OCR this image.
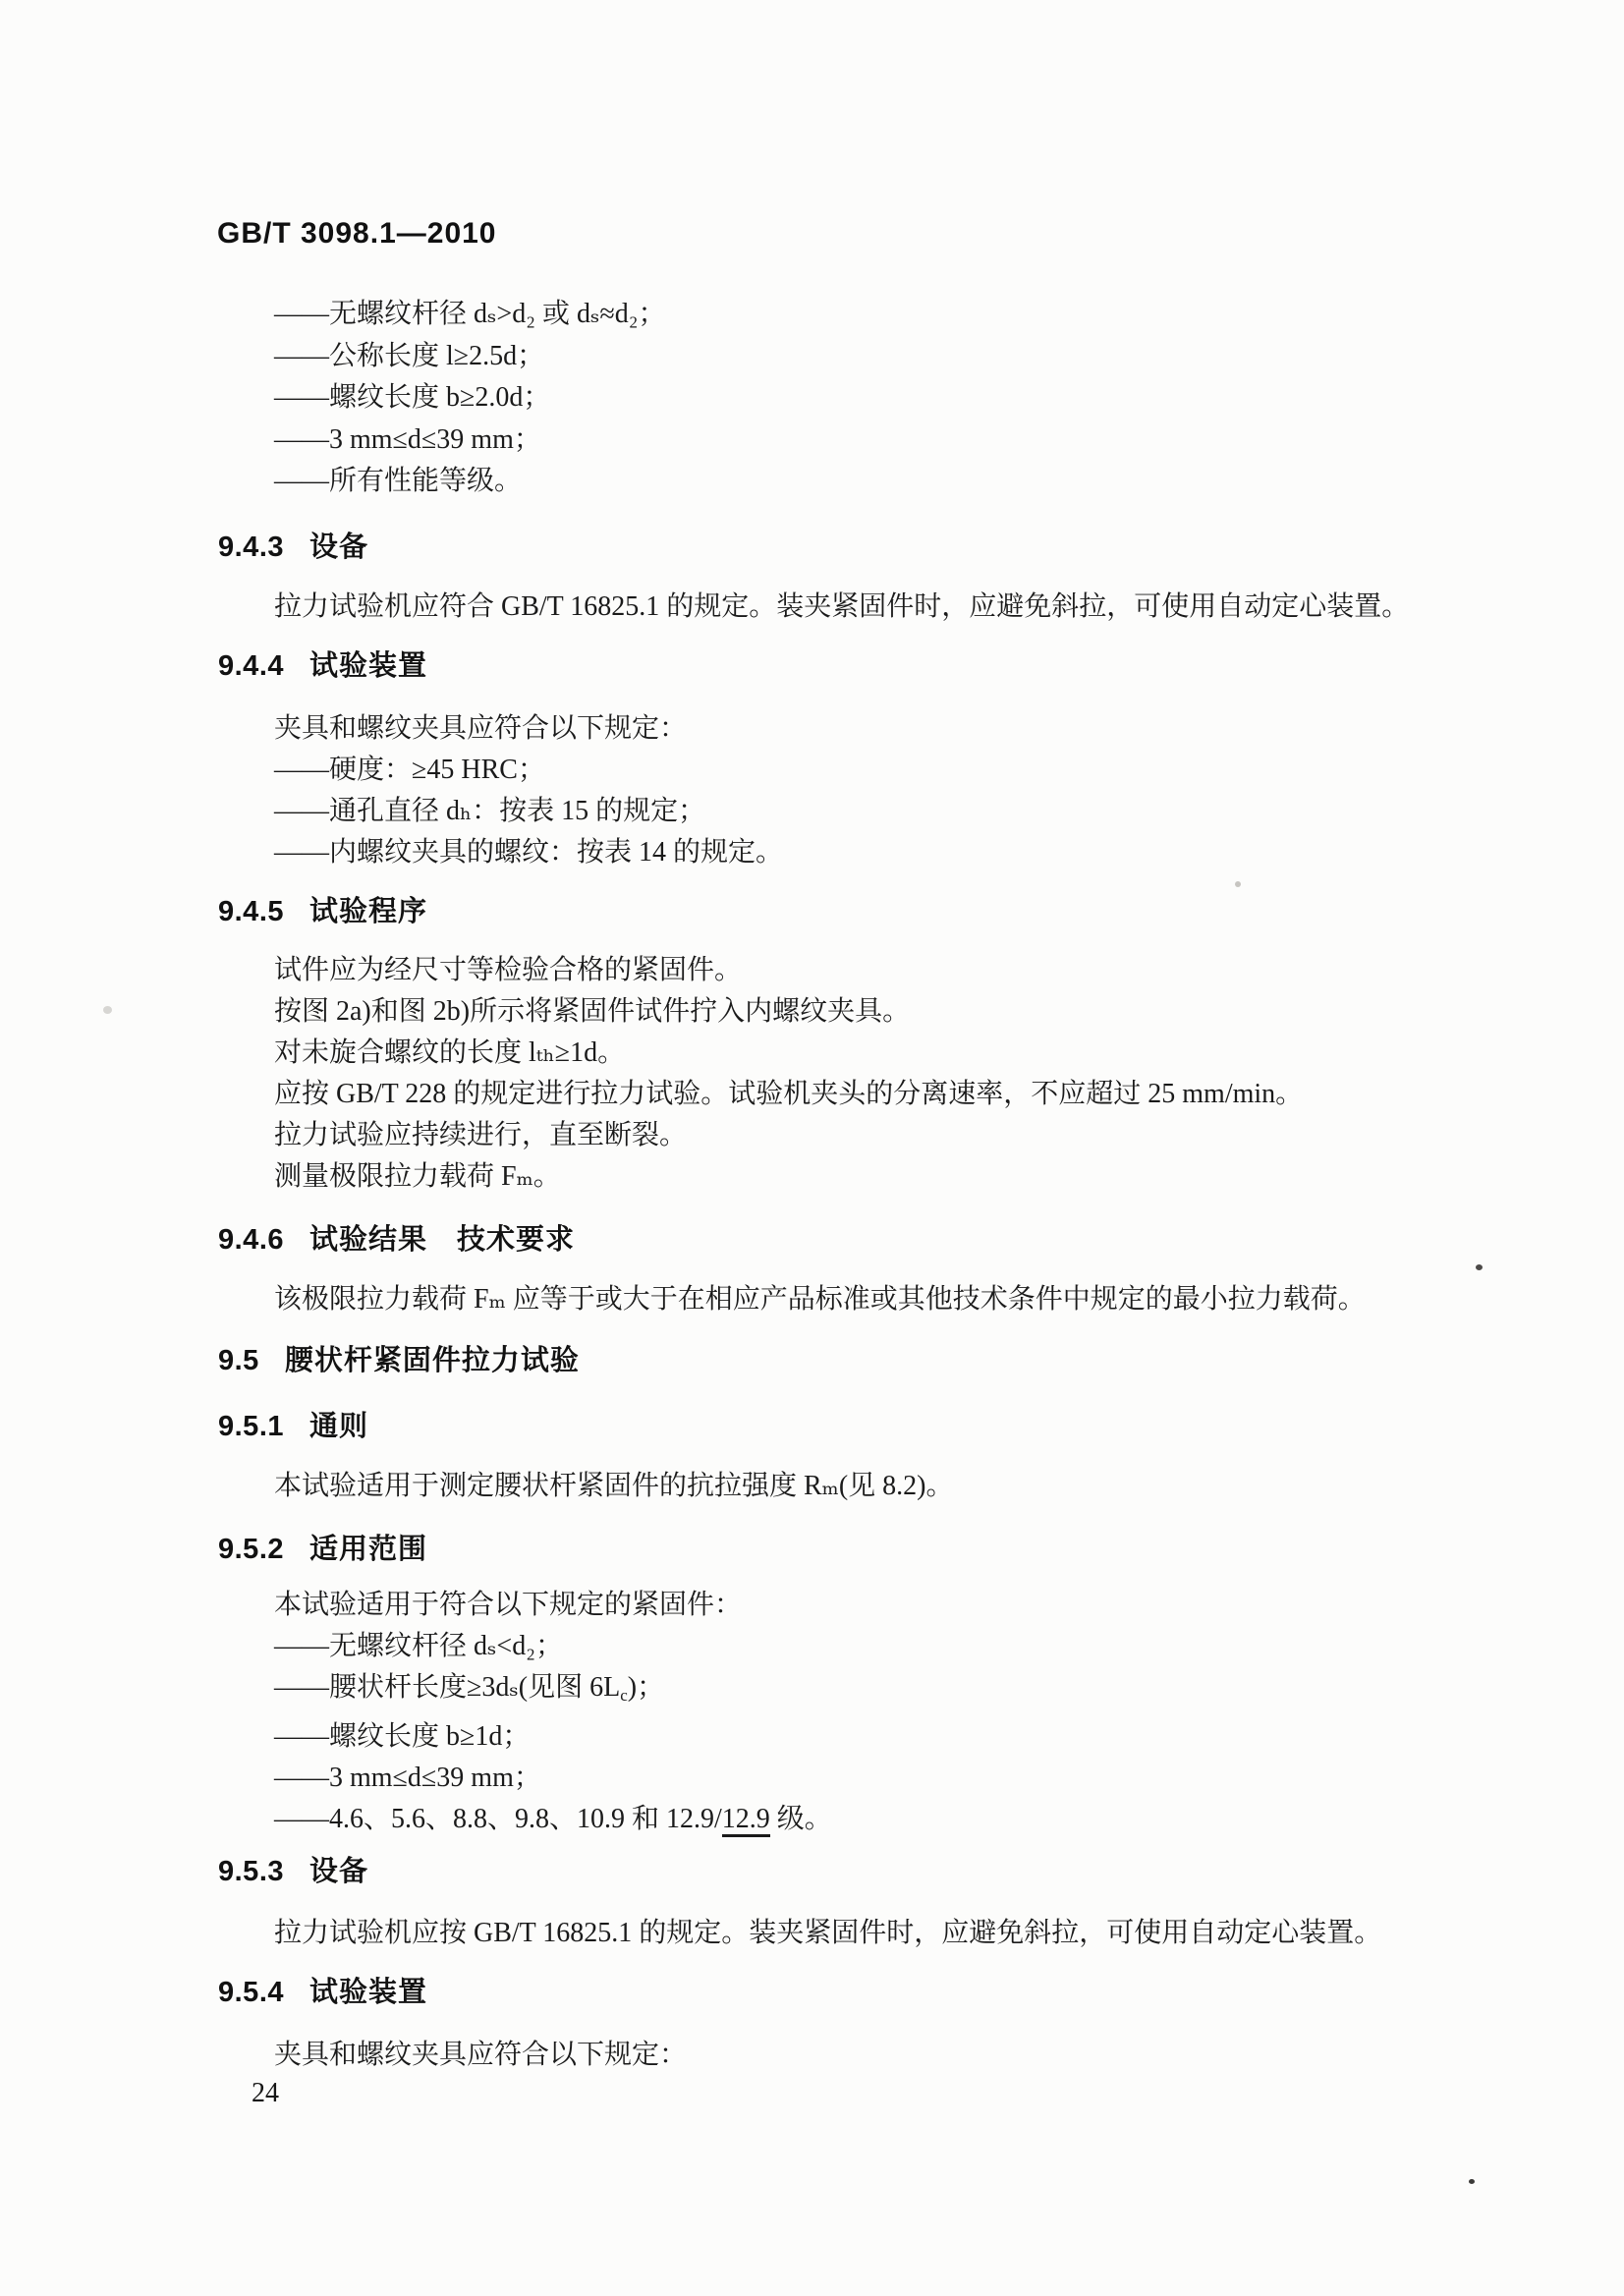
GB/T 3098.1—2010
——无螺纹杆径 dₛ>d₂ 或 dₛ≈d₂；
——公称长度 l≥2.5d；
——螺纹长度 b≥2.0d；
——3 mm≤d≤39 mm；
——所有性能等级。
9.4.3 设备
拉力试验机应符合 GB/T 16825.1 的规定。装夹紧固件时，应避免斜拉，可使用自动定心装置。
9.4.4 试验装置
夹具和螺纹夹具应符合以下规定：
——硬度：≥45 HRC；
——通孔直径 dₕ：按表 15 的规定；
——内螺纹夹具的螺纹：按表 14 的规定。
9.4.5 试验程序
试件应为经尺寸等检验合格的紧固件。
按图 2a)和图 2b)所示将紧固件试件拧入内螺纹夹具。
对未旋合螺纹的长度 lₜₕ≥1d。
应按 GB/T 228 的规定进行拉力试验。试验机夹头的分离速率，不应超过 25 mm/min。
拉力试验应持续进行，直至断裂。
测量极限拉力载荷 Fₘ。
9.4.6 试验结果　技术要求
该极限拉力载荷 Fₘ 应等于或大于在相应产品标准或其他技术条件中规定的最小拉力载荷。
9.5 腰状杆紧固件拉力试验
9.5.1 通则
本试验适用于测定腰状杆紧固件的抗拉强度 Rₘ(见 8.2)。
9.5.2 适用范围
本试验适用于符合以下规定的紧固件：
——无螺纹杆径 dₛ<d₂；
——腰状杆长度≥3dₛ(见图 6Lc)；
——螺纹长度 b≥1d；
——3 mm≤d≤39 mm；
——4.6、5.6、8.8、9.8、10.9 和 12.9/12.9 级。
9.5.3 设备
拉力试验机应按 GB/T 16825.1 的规定。装夹紧固件时，应避免斜拉，可使用自动定心装置。
9.5.4 试验装置
夹具和螺纹夹具应符合以下规定：
24
